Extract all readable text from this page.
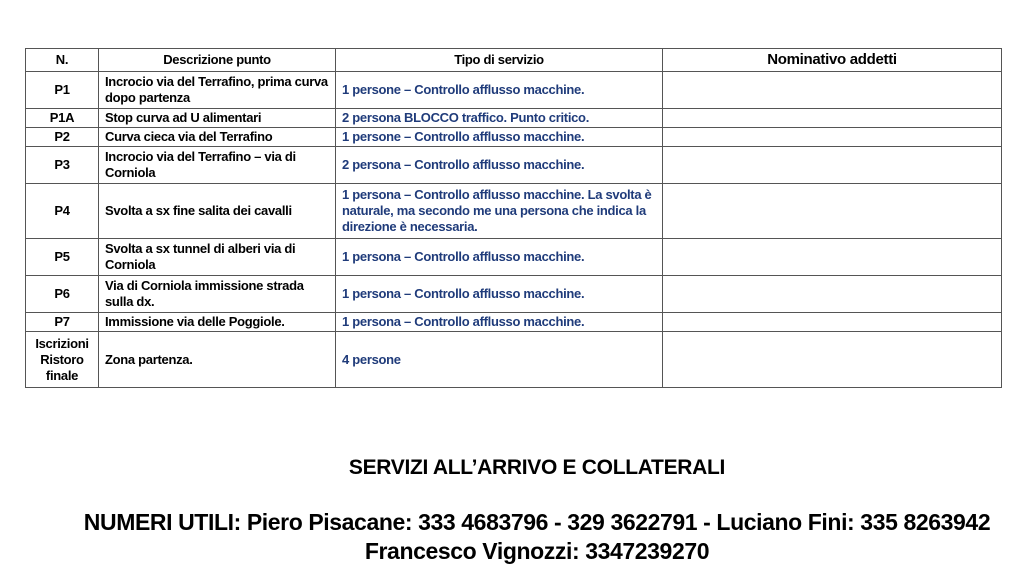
N.	Descrizione punto	Tipo di servizio	Nominativo addetti
P1	Incrocio via del Terrafino, prima curva dopo partenza	1 persone – Controllo afflusso macchine.	
P1A	Stop curva ad U alimentari	2 persona BLOCCO traffico. Punto critico.	
P2	Curva cieca via del Terrafino	1 persone – Controllo afflusso macchine.	
P3	Incrocio via del Terrafino – via di Corniola	2 persona – Controllo afflusso macchine.	
P4	Svolta a sx fine salita dei cavalli	1 persona – Controllo afflusso macchine. La svolta è naturale, ma secondo me una persona che indica la direzione è necessaria.	
P5	Svolta a sx tunnel di alberi via di Corniola	1 persona – Controllo afflusso macchine.	
P6	Via di Corniola immissione strada sulla dx.	1 persona – Controllo afflusso macchine.	
P7	Immissione via delle Poggiole.	1 persona – Controllo afflusso macchine.	
Iscrizioni Ristoro finale	Zona partenza.	4 persone	
SERVIZI ALL’ARRIVO E COLLATERALI
NUMERI UTILI: Piero Pisacane: 333 4683796 - 329 3622791 - Luciano Fini: 335 8263942
Francesco Vignozzi: 3347239270
